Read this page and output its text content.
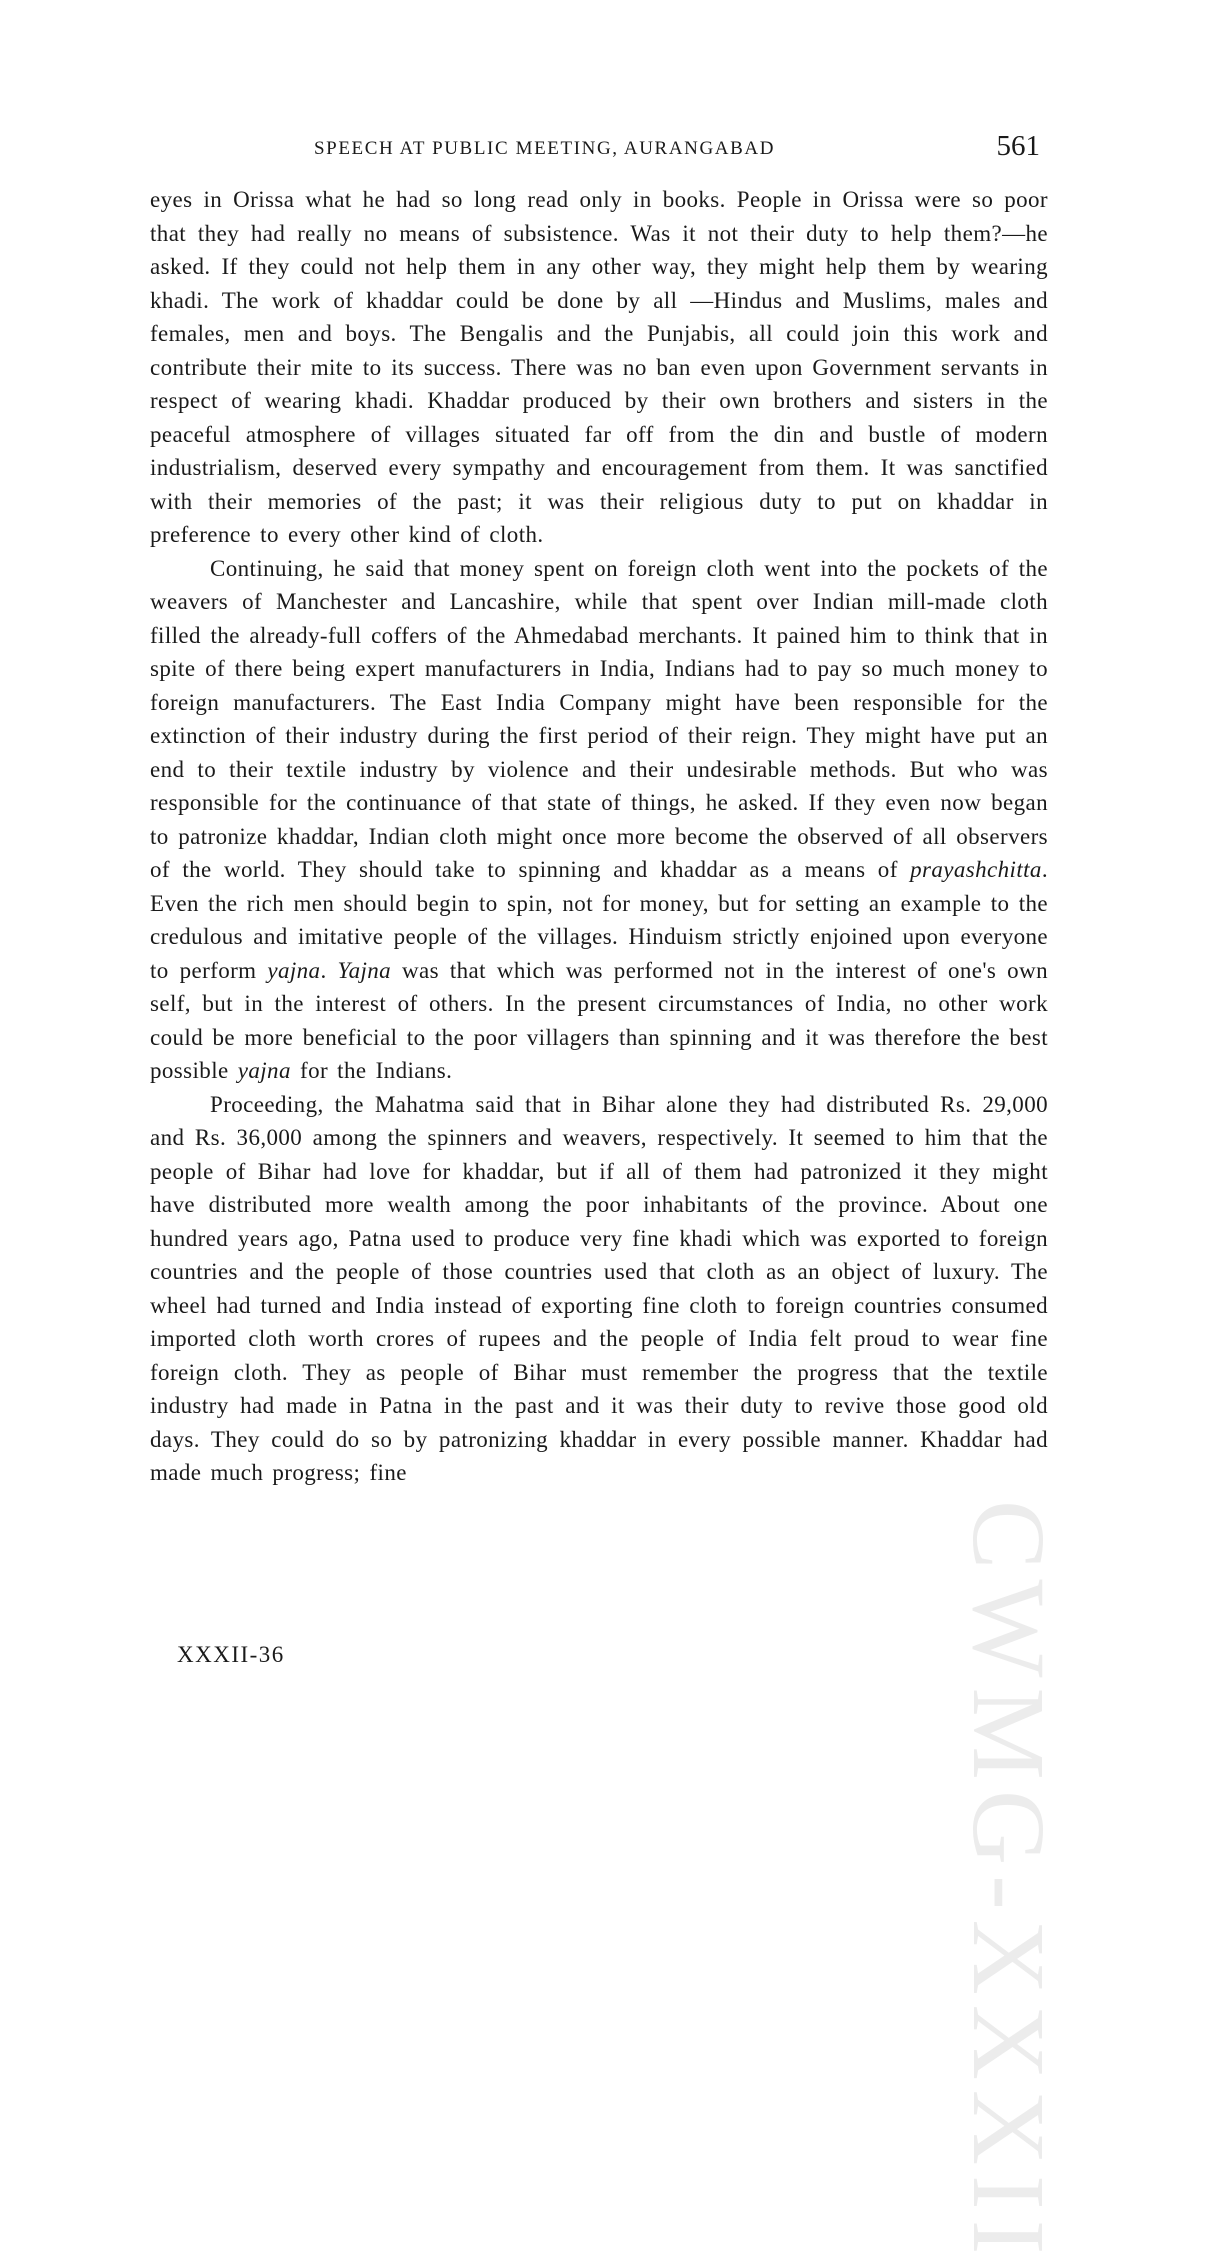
CWMG-XXXII
SPEECH AT PUBLIC MEETING, AURANGABAD	561

eyes in Orissa what he had so long read only in books. People in Orissa were so poor that they had really no means of subsistence. Was it not their duty to help them?—he asked. If they could not help them in any other way, they might help them by wearing khadi. The work of khaddar could be done by all —Hindus and Muslims, males and females, men and boys. The Bengalis and the Punjabis, all could join this work and contribute their mite to its success. There was no ban even upon Government servants in respect of wearing khadi. Khaddar produced by their own brothers and sisters in the peaceful atmosphere of villages situated far off from the din and bustle of modern industrialism, deserved every sympathy and encouragement from them. It was sanctified with their memories of the past; it was their religious duty to put on khaddar in preference to every other kind of cloth.

Continuing, he said that money spent on foreign cloth went into the pockets of the weavers of Manchester and Lancashire, while that spent over Indian mill-made cloth filled the already-full coffers of the Ahmedabad merchants. It pained him to think that in spite of there being expert manufacturers in India, Indians had to pay so much money to foreign manufacturers. The East India Company might have been responsible for the extinction of their industry during the first period of their reign. They might have put an end to their textile industry by violence and their undesirable methods. But who was responsible for the continuance of that state of things, he asked. If they even now began to patronize khaddar, Indian cloth might once more become the observed of all observers of the world. They should take to spinning and khaddar as a means of prayashchitta. Even the rich men should begin to spin, not for money, but for setting an example to the credulous and imitative people of the villages. Hinduism strictly enjoined upon everyone to perform yajna. Yajna was that which was performed not in the interest of one's own self, but in the interest of others. In the present circumstances of India, no other work could be more beneficial to the poor villagers than spinning and it was therefore the best possible yajna for the Indians.

Proceeding, the Mahatma said that in Bihar alone they had distributed Rs. 29,000 and Rs. 36,000 among the spinners and weavers, respectively. It seemed to him that the people of Bihar had love for khaddar, but if all of them had patronized it they might have distributed more wealth among the poor inhabitants of the province. About one hundred years ago, Patna used to produce very fine khadi which was exported to foreign countries and the people of those countries used that cloth as an object of luxury. The wheel had turned and India instead of exporting fine cloth to foreign countries consumed imported cloth worth crores of rupees and the people of India felt proud to wear fine foreign cloth. They as people of Bihar must remember the progress that the textile industry had made in Patna in the past and it was their duty to revive those good old days. They could do so by patronizing khaddar in every possible manner. Khaddar had made much progress; fine

XXXII-36
